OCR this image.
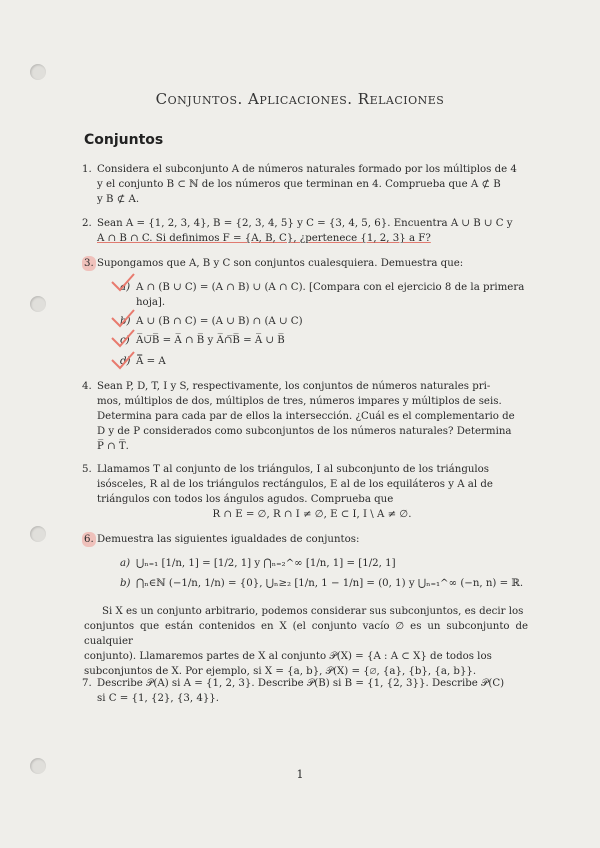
Conjuntos. Aplicaciones. Relaciones
Conjuntos
1. Considera el subconjunto A de números naturales formado por los múltiplos de 4
y el conjunto B ⊂ ℕ de los números que terminan en 4. Comprueba que A ⊄ B
y B ⊄ A.
2. Sean A = {1, 2, 3, 4}, B = {2, 3, 4, 5} y C = {3, 4, 5, 6}. Encuentra A ∪ B ∪ C y
A ∩ B ∩ C. Si definimos F = {A, B, C}, ¿pertenece {1, 2, 3} a F?
3. Supongamos que A, B y C son conjuntos cualesquiera. Demuestra que:
a) A ∩ (B ∪ C) = (A ∩ B) ∪ (A ∩ C). [Compara con el ejercicio 8 de la primera
hoja].
b) A ∪ (B ∩ C) = (A ∪ B) ∩ (A ∪ C)
c) A̅∪̅B̅ = A̅ ∩ B̅ y A̅∩̅B̅ = A̅ ∪ B̅
d) A̿ = A
4. Sean P, D, T, I y S, respectivamente, los conjuntos de números naturales pri-
mos, múltiplos de dos, múltiplos de tres, números impares y múltiplos de seis.
Determina para cada par de ellos la intersección. ¿Cuál es el complementario de
D y de P considerados como subconjuntos de los números naturales? Determina
P̅ ∩ T̅.
5. Llamamos T al conjunto de los triángulos, I al subconjunto de los triángulos
isósceles, R al de los triángulos rectángulos, E al de los equiláteros y A al de
triángulos con todos los ángulos agudos. Comprueba que
R ∩ E = ∅, R ∩ I ≠ ∅, E ⊂ I, I \ A ≠ ∅.
6. Demuestra las siguientes igualdades de conjuntos:
a) ⋃ₙ₌₁ [1/n, 1] = [1/2, 1] y ⋂ₙ₌₂^∞ [1/n, 1] = [1/2, 1]
b) ⋂ₙ∈ℕ (−1/n, 1/n) = {0}, ⋃ₙ≥₂ [1/n, 1 − 1/n] = (0, 1) y ⋃ₙ₌₁^∞ (−n, n) = ℝ.
Si X es un conjunto arbitrario, podemos considerar sus subconjuntos, es decir los
conjuntos que están contenidos en X (el conjunto vacío ∅ es un subconjunto de cualquier
conjunto). Llamaremos partes de X al conjunto 𝒫(X) = {A : A ⊂ X} de todos los
subconjuntos de X. Por ejemplo, si X = {a, b}, 𝒫(X) = {∅, {a}, {b}, {a, b}}.
7. Describe 𝒫(A) si A = {1, 2, 3}. Describe 𝒫(B) si B = {1, {2, 3}}. Describe 𝒫(C)
si C = {1, {2}, {3, 4}}.
1
